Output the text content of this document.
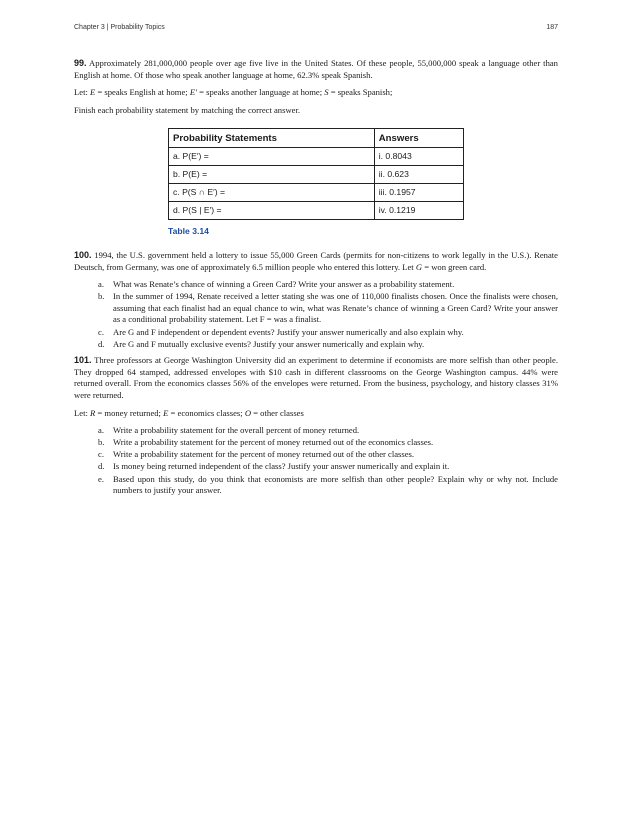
Chapter 3 | Probability Topics	187

99. Approximately 281,000,000 people over age five live in the United States. Of these people, 55,000,000 speak a language other than English at home. Of those who speak another language at home, 62.3% speak Spanish.

Let: E = speaks English at home; E′ = speaks another language at home; S = speaks Spanish;

Finish each probability statement by matching the correct answer.

Probability Statements	Answers
a. P(E′) =	i. 0.8043
b. P(E) =	ii. 0.623
c. P(S ∩ E′) =	iii. 0.1957
d. P(S | E′) =	iv. 0.1219
Table 3.14

100. 1994, the U.S. government held a lottery to issue 55,000 Green Cards (permits for non-citizens to work legally in the U.S.). Renate Deutsch, from Germany, was one of approximately 6.5 million people who entered this lottery. Let G = won green card.

a. What was Renate’s chance of winning a Green Card? Write your answer as a probability statement.
b. In the summer of 1994, Renate received a letter stating she was one of 110,000 finalists chosen. Once the finalists were chosen, assuming that each finalist had an equal chance to win, what was Renate’s chance of winning a Green Card? Write your answer as a conditional probability statement. Let F = was a finalist.
c. Are G and F independent or dependent events? Justify your answer numerically and also explain why.
d. Are G and F mutually exclusive events? Justify your answer numerically and explain why.

101. Three professors at George Washington University did an experiment to determine if economists are more selfish than other people. They dropped 64 stamped, addressed envelopes with $10 cash in different classrooms on the George Washington campus. 44% were returned overall. From the economics classes 56% of the envelopes were returned. From the business, psychology, and history classes 31% were returned.

Let: R = money returned; E = economics classes; O = other classes

a. Write a probability statement for the overall percent of money returned.
b. Write a probability statement for the percent of money returned out of the economics classes.
c. Write a probability statement for the percent of money returned out of the other classes.
d. Is money being returned independent of the class? Justify your answer numerically and explain it.
e. Based upon this study, do you think that economists are more selfish than other people? Explain why or why not. Include numbers to justify your answer.
